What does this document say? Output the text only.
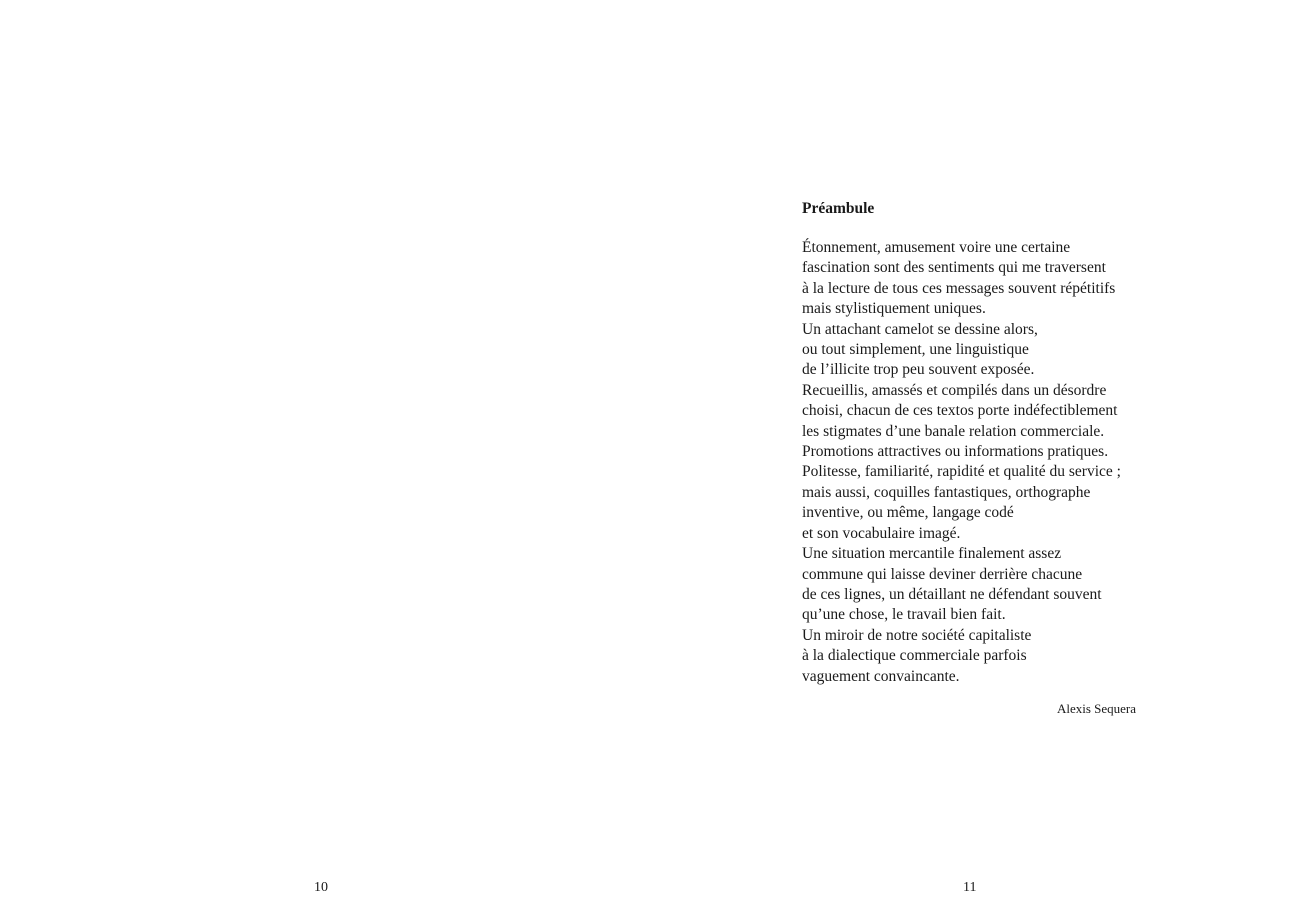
10
Préambule
Étonnement, amusement voire une certaine
fascination sont des sentiments qui me traversent
à la lecture de tous ces messages souvent répétitifs
mais stylistiquement uniques.
Un attachant camelot se dessine alors,
ou tout simplement, une linguistique
de l’illicite trop peu souvent exposée.
Recueillis, amassés et compilés dans un désordre
choisi, chacun de ces textos porte indéfectiblement
les stigmates d’une banale relation commerciale.
Promotions attractives ou informations pratiques.
Politesse, familiarité, rapidité et qualité du service ;
mais aussi, coquilles fantastiques, orthographe
inventive, ou même, langage codé
et son vocabulaire imagé.
Une situation mercantile finalement assez
commune qui laisse deviner derrière chacune
de ces lignes, un détaillant ne défendant souvent
qu’une chose, le travail bien fait.
Un miroir de notre société capitaliste
à la dialectique commerciale parfois
vaguement convaincante.
Alexis Sequera
11
